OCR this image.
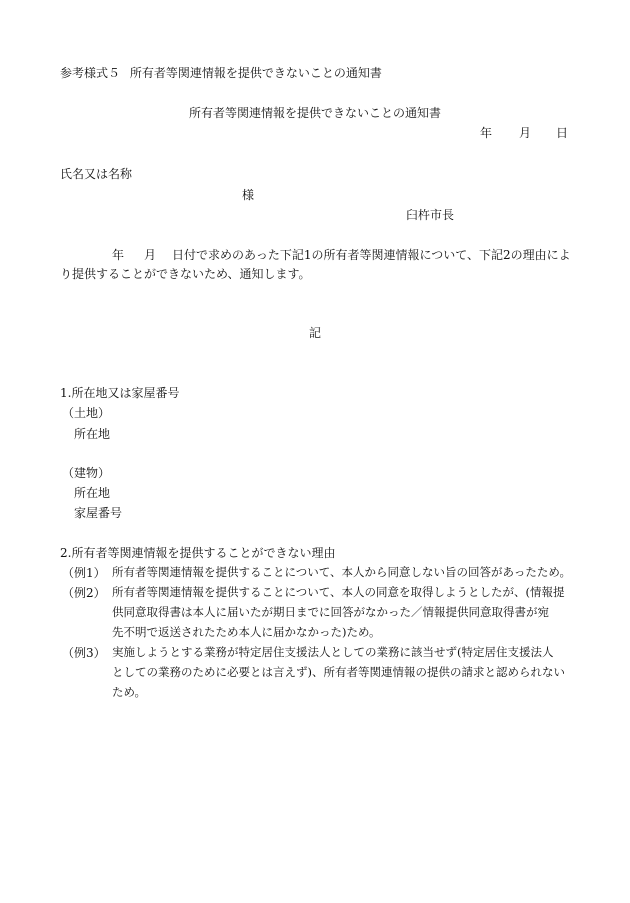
参考様式５ 所有者等関連情報を提供できないことの通知書
所有者等関連情報を提供できないことの通知書
年 月 日
氏名又は名称
様
臼杵市長
年 月 日付で求めのあった下記1の所有者等関連情報について、下記2の理由によ
り提供することができないため、通知します。
記
1.所在地又は家屋番号
（土地）
所在地
（建物）
所在地
家屋番号
2.所有者等関連情報を提供することができない理由
（例1） 所有者等関連情報を提供することについて、本人から同意しない旨の回答があったため。
（例2） 所有者等関連情報を提供することについて、本人の同意を取得しようとしたが、(情報提
供同意取得書は本人に届いたが期日までに回答がなかった／情報提供同意取得書が宛
先不明で返送されたため本人に届かなかった)ため。
（例3） 実施しようとする業務が特定居住支援法人としての業務に該当せず(特定居住支援法人
としての業務のために必要とは言えず)、所有者等関連情報の提供の請求と認められない
ため。
